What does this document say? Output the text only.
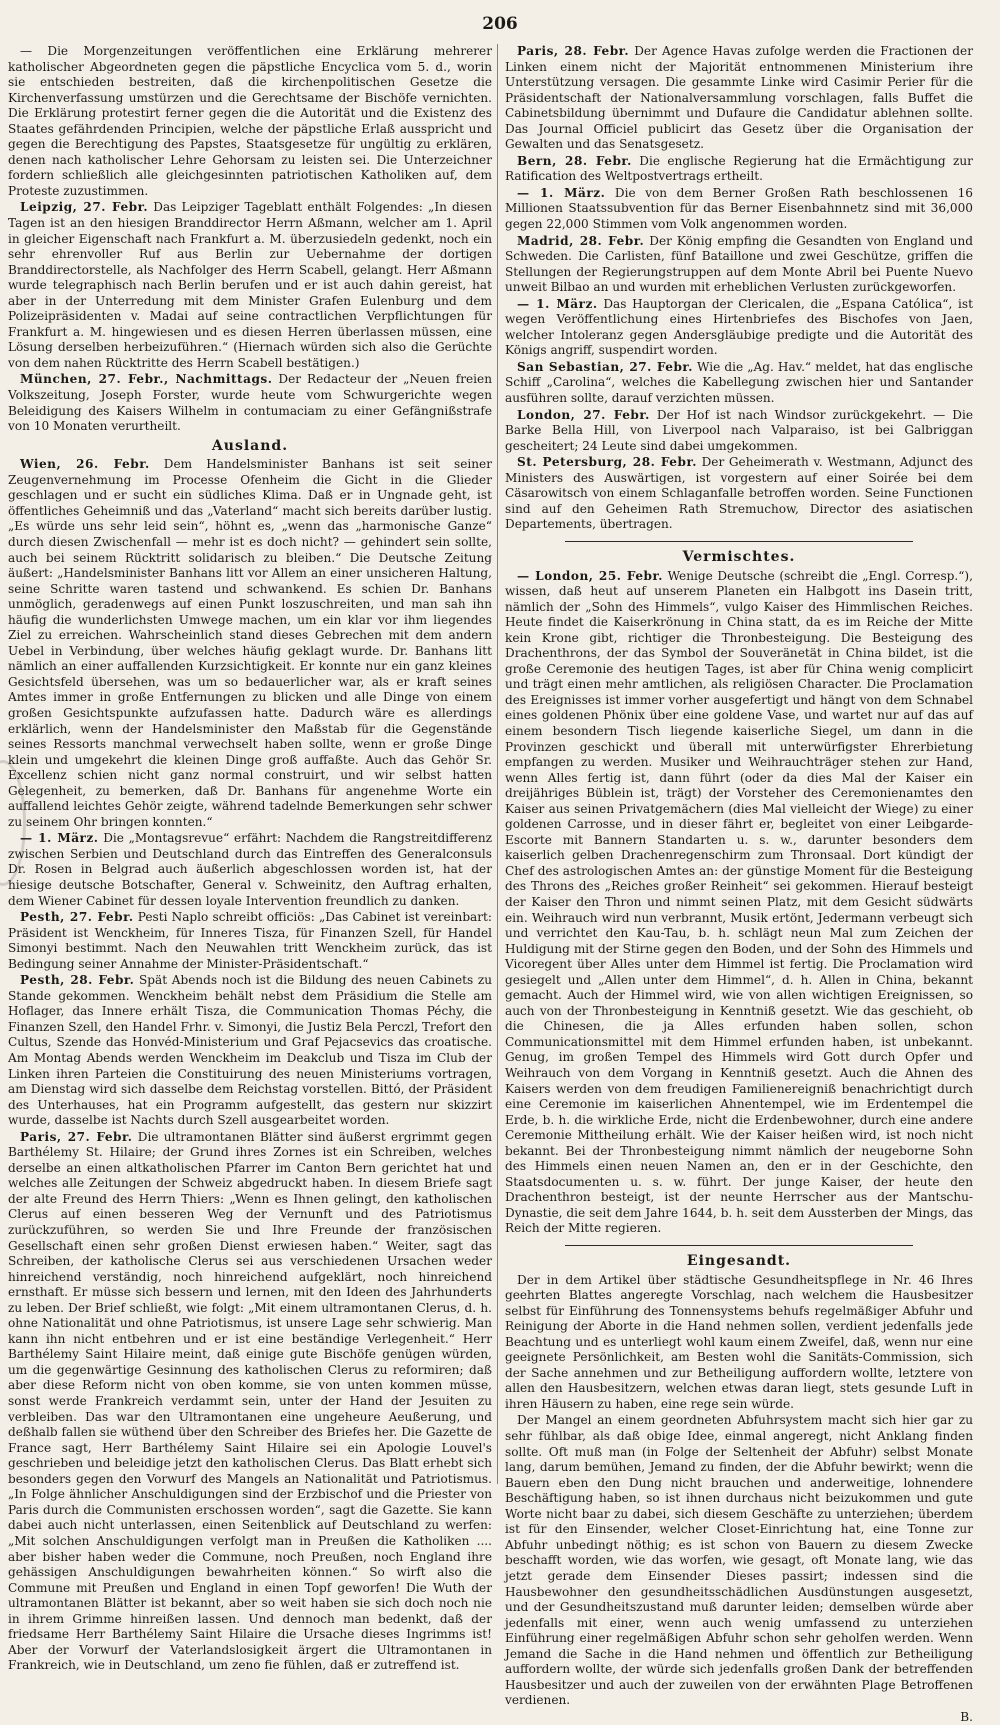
206

— Die Morgenzeitungen veröffentlichen eine Erklärung mehrerer katholischer Abgeordneten gegen die päpstliche Encyclica vom 5. d., worin sie entschieden bestreiten, daß die kirchenpolitischen Gesetze die Kirchenverfassung umstürzen und die Gerechtsame der Bischöfe vernichten. Die Erklärung protestirt ferner gegen die die Autorität und die Existenz des Staates gefährdenden Principien, welche der päpstliche Erlaß ausspricht und gegen die Berechtigung des Papstes, Staatsgesetze für ungültig zu erklären, denen nach katholischer Lehre Gehorsam zu leisten sei. Die Unterzeichner fordern schließlich alle gleichgesinnten patriotischen Katholiken auf, dem Proteste zuzustimmen.

Leipzig, 27. Febr. Das Leipziger Tageblatt enthält Folgendes: „In diesen Tagen ist an den hiesigen Branddirector Herrn Aßmann, welcher am 1. April in gleicher Eigenschaft nach Frankfurt a. M. überzusiedeln gedenkt, noch ein sehr ehrenvoller Ruf aus Berlin zur Uebernahme der dortigen Branddirectorstelle, als Nachfolger des Herrn Scabell, gelangt. Herr Aßmann wurde telegraphisch nach Berlin berufen und er ist auch dahin gereist, hat aber in der Unterredung mit dem Minister Grafen Eulenburg und dem Polizeipräsidenten v. Madai auf seine contractlichen Verpflichtungen für Frankfurt a. M. hingewiesen und es diesen Herren überlassen müssen, eine Lösung derselben herbeizuführen.“ (Hiernach würden sich also die Gerüchte von dem nahen Rücktritte des Herrn Scabell bestätigen.)

München, 27. Febr., Nachmittags. Der Redacteur der „Neuen freien Volkszeitung, Joseph Forster, wurde heute vom Schwurgerichte wegen Beleidigung des Kaisers Wilhelm in contumaciam zu einer Gefängnißstrafe von 10 Monaten verurtheilt.

Ausland.

Wien, 26. Febr. Dem Handelsminister Banhans ist seit seiner Zeugenvernehmung im Processe Ofenheim die Gicht in die Glieder geschlagen und er sucht ein südliches Klima. Daß er in Ungnade geht, ist öffentliches Geheimniß und das „Vaterland“ macht sich bereits darüber lustig. „Es würde uns sehr leid sein“, höhnt es, „wenn das „harmonische Ganze“ durch diesen Zwischenfall — mehr ist es doch nicht? — gehindert sein sollte, auch bei seinem Rücktritt solidarisch zu bleiben.“ Die Deutsche Zeitung äußert: „Handelsminister Banhans litt vor Allem an einer unsicheren Haltung, seine Schritte waren tastend und schwankend. Es schien Dr. Banhans unmöglich, geradenwegs auf einen Punkt loszuschreiten, und man sah ihn häufig die wunderlichsten Umwege machen, um ein klar vor ihm liegendes Ziel zu erreichen. Wahrscheinlich stand dieses Gebrechen mit dem andern Uebel in Verbindung, über welches häufig geklagt wurde. Dr. Banhans litt nämlich an einer auffallenden Kurzsichtigkeit. Er konnte nur ein ganz kleines Gesichtsfeld übersehen, was um so bedauerlicher war, als er kraft seines Amtes immer in große Entfernungen zu blicken und alle Dinge von einem großen Gesichtspunkte aufzufassen hatte. Dadurch wäre es allerdings erklärlich, wenn der Handelsminister den Maßstab für die Gegenstände seines Ressorts manchmal verwechselt haben sollte, wenn er große Dinge klein und umgekehrt die kleinen Dinge groß auffaßte. Auch das Gehör Sr. Excellenz schien nicht ganz normal construirt, und wir selbst hatten Gelegenheit, zu bemerken, daß Dr. Banhans für angenehme Worte ein auffallend leichtes Gehör zeigte, während tadelnde Bemerkungen sehr schwer zu seinem Ohr bringen konnten.“

— 1. März. Die „Montagsrevue“ erfährt: Nachdem die Rangstreitdifferenz zwischen Serbien und Deutschland durch das Eintreffen des Generalconsuls Dr. Rosen in Belgrad auch äußerlich abgeschlossen worden ist, hat der hiesige deutsche Botschafter, General v. Schweinitz, den Auftrag erhalten, dem Wiener Cabinet für dessen loyale Intervention freundlich zu danken.

Pesth, 27. Febr. Pesti Naplo schreibt officiös: „Das Cabinet ist vereinbart: Präsident ist Wenckheim, für Inneres Tisza, für Finanzen Szell, für Handel Simonyi bestimmt. Nach den Neuwahlen tritt Wenckheim zurück, das ist Bedingung seiner Annahme der Minister-Präsidentschaft.“

Pesth, 28. Febr. Spät Abends noch ist die Bildung des neuen Cabinets zu Stande gekommen. Wenckheim behält nebst dem Präsidium die Stelle am Hoflager, das Innere erhält Tisza, die Communication Thomas Péchy, die Finanzen Szell, den Handel Frhr. v. Simonyi, die Justiz Bela Perczl, Trefort den Cultus, Szende das Honvéd-Ministerium und Graf Pejacsevics das croatische. Am Montag Abends werden Wenckheim im Deakclub und Tisza im Club der Linken ihren Parteien die Constituirung des neuen Ministeriums vortragen, am Dienstag wird sich dasselbe dem Reichstag vorstellen. Bittó, der Präsident des Unterhauses, hat ein Programm aufgestellt, das gestern nur skizzirt wurde, dasselbe ist Nachts durch Szell ausgearbeitet worden.

Paris, 27. Febr. Die ultramontanen Blätter sind äußerst ergrimmt gegen Barthélemy St. Hilaire; der Grund ihres Zornes ist ein Schreiben, welches derselbe an einen altkatholischen Pfarrer im Canton Bern gerichtet hat und welches alle Zeitungen der Schweiz abgedruckt haben. In diesem Briefe sagt der alte Freund des Herrn Thiers: „Wenn es Ihnen gelingt, den katholischen Clerus auf einen besseren Weg der Vernunft und des Patriotismus zurückzuführen, so werden Sie und Ihre Freunde der französischen Gesellschaft einen sehr großen Dienst erwiesen haben.“ Weiter, sagt das Schreiben, der katholische Clerus sei aus verschiedenen Ursachen weder hinreichend verständig, noch hinreichend aufgeklärt, noch hinreichend ernsthaft. Er müsse sich bessern und lernen, mit den Ideen des Jahrhunderts zu leben. Der Brief schließt, wie folgt: „Mit einem ultramontanen Clerus, d. h. ohne Nationalität und ohne Patriotismus, ist unsere Lage sehr schwierig. Man kann ihn nicht entbehren und er ist eine beständige Verlegenheit.“ Herr Barthélemy Saint Hilaire meint, daß einige gute Bischöfe genügen würden, um die gegenwärtige Gesinnung des katholischen Clerus zu reformiren; daß aber diese Reform nicht von oben komme, sie von unten kommen müsse, sonst werde Frankreich verdammt sein, unter der Hand der Jesuiten zu verbleiben. Das war den Ultramontanen eine ungeheure Aeußerung, und deßhalb fallen sie wüthend über den Schreiber des Briefes her. Die Gazette de France sagt, Herr Barthélemy Saint Hilaire sei ein Apologie Louvel's geschrieben und beleidige jetzt den katholischen Clerus. Das Blatt erhebt sich besonders gegen den Vorwurf des Mangels an Nationalität und Patriotismus. „In Folge ähnlicher Anschuldigungen sind der Erzbischof und die Priester von Paris durch die Communisten erschossen worden“, sagt die Gazette. Sie kann dabei auch nicht unterlassen, einen Seitenblick auf Deutschland zu werfen: „Mit solchen Anschuldigungen verfolgt man in Preußen die Katholiken .... aber bisher haben weder die Commune, noch Preußen, noch England ihre gehässigen Anschuldigungen bewahrheiten können.“ So wirft also die Commune mit Preußen und England in einen Topf geworfen! Die Wuth der ultramontanen Blätter ist bekannt, aber so weit haben sie sich doch noch nie in ihrem Grimme hinreißen lassen. Und dennoch man bedenkt, daß der friedsame Herr Barthélemy Saint Hilaire die Ursache dieses Ingrimms ist! Aber der Vorwurf der Vaterlandslosigkeit ärgert die Ultramontanen in Frankreich, wie in Deutschland, um zeno fie fühlen, daß er zutreffend ist.

Paris, 28. Febr. Der Agence Havas zufolge werden die Fractionen der Linken einem nicht der Majorität entnommenen Ministerium ihre Unterstützung versagen. Die gesammte Linke wird Casimir Perier für die Präsidentschaft der Nationalversammlung vorschlagen, falls Buffet die Cabinetsbildung übernimmt und Dufaure die Candidatur ablehnen sollte. Das Journal Officiel publicirt das Gesetz über die Organisation der Gewalten und das Senatsgesetz.

Bern, 28. Febr. Die englische Regierung hat die Ermächtigung zur Ratification des Weltpostvertrags ertheilt.

— 1. März. Die von dem Berner Großen Rath beschlossenen 16 Millionen Staatssubvention für das Berner Eisenbahnnetz sind mit 36,000 gegen 22,000 Stimmen vom Volk angenommen worden.

Madrid, 28. Febr. Der König empfing die Gesandten von England und Schweden. Die Carlisten, fünf Bataillone und zwei Geschütze, griffen die Stellungen der Regierungstruppen auf dem Monte Abril bei Puente Nuevo unweit Bilbao an und wurden mit erheblichen Verlusten zurückgeworfen.

— 1. März. Das Hauptorgan der Clericalen, die „Espana Católica“, ist wegen Veröffentlichung eines Hirtenbriefes des Bischofes von Jaen, welcher Intoleranz gegen Andersgläubige predigte und die Autorität des Königs angriff, suspendirt worden.

San Sebastian, 27. Febr. Wie die „Ag. Hav.“ meldet, hat das englische Schiff „Carolina“, welches die Kabellegung zwischen hier und Santander ausführen sollte, darauf verzichten müssen.

London, 27. Febr. Der Hof ist nach Windsor zurückgekehrt. — Die Barke Bella Hill, von Liverpool nach Valparaiso, ist bei Galbriggan gescheitert; 24 Leute sind dabei umgekommen.

St. Petersburg, 28. Febr. Der Geheimerath v. Westmann, Adjunct des Ministers des Auswärtigen, ist vorgestern auf einer Soirée bei dem Cäsarowitsch von einem Schlaganfalle betroffen worden. Seine Functionen sind auf den Geheimen Rath Stremuchow, Director des asiatischen Departements, übertragen.

Vermischtes.

— London, 25. Febr. Wenige Deutsche (schreibt die „Engl. Corresp.“), wissen, daß heut auf unserem Planeten ein Halbgott ins Dasein tritt, nämlich der „Sohn des Himmels“, vulgo Kaiser des Himmlischen Reiches. Heute findet die Kaiserkrönung in China statt, da es im Reiche der Mitte kein Krone gibt, richtiger die Thronbesteigung. Die Besteigung des Drachenthrons, der das Symbol der Souveränetät in China bildet, ist die große Ceremonie des heutigen Tages, ist aber für China wenig complicirt und trägt einen mehr amtlichen, als religiösen Character. Die Proclamation des Ereignisses ist immer vorher ausgefertigt und hängt von dem Schnabel eines goldenen Phönix über eine goldene Vase, und wartet nur auf das auf einem besondern Tisch liegende kaiserliche Siegel, um dann in die Provinzen geschickt und überall mit unterwürfigster Ehrerbietung empfangen zu werden. Musiker und Weihrauchträger stehen zur Hand, wenn Alles fertig ist, dann führt (oder da dies Mal der Kaiser ein dreijähriges Büblein ist, trägt) der Vorsteher des Ceremonienamtes den Kaiser aus seinen Privatgemächern (dies Mal vielleicht der Wiege) zu einer goldenen Carrosse, und in dieser fährt er, begleitet von einer Leibgarde-Escorte mit Bannern Standarten u. s. w., darunter besonders dem kaiserlich gelben Drachenregenschirm zum Thronsaal. Dort kündigt der Chef des astrologischen Amtes an: der günstige Moment für die Besteigung des Throns des „Reiches großer Reinheit“ sei gekommen. Hierauf besteigt der Kaiser den Thron und nimmt seinen Platz, mit dem Gesicht südwärts ein. Weihrauch wird nun verbrannt, Musik ertönt, Jedermann verbeugt sich und verrichtet den Kau-Tau, b. h. schlägt neun Mal zum Zeichen der Huldigung mit der Stirne gegen den Boden, und der Sohn des Himmels und Vicoregent über Alles unter dem Himmel ist fertig. Die Proclamation wird gesiegelt und „Allen unter dem Himmel“, d. h. Allen in China, bekannt gemacht. Auch der Himmel wird, wie von allen wichtigen Ereignissen, so auch von der Thronbesteigung in Kenntniß gesetzt. Wie das geschieht, ob die Chinesen, die ja Alles erfunden haben sollen, schon Communicationsmittel mit dem Himmel erfunden haben, ist unbekannt. Genug, im großen Tempel des Himmels wird Gott durch Opfer und Weihrauch von dem Vorgang in Kenntniß gesetzt. Auch die Ahnen des Kaisers werden von dem freudigen Familienereigniß benachrichtigt durch eine Ceremonie im kaiserlichen Ahnentempel, wie im Erdentempel die Erde, b. h. die wirkliche Erde, nicht die Erdenbewohner, durch eine andere Ceremonie Mittheilung erhält. Wie der Kaiser heißen wird, ist noch nicht bekannt. Bei der Thronbesteigung nimmt nämlich der neugeborne Sohn des Himmels einen neuen Namen an, den er in der Geschichte, den Staatsdocumenten u. s. w. führt. Der junge Kaiser, der heute den Drachenthron besteigt, ist der neunte Herrscher aus der Mantschu-Dynastie, die seit dem Jahre 1644, b. h. seit dem Aussterben der Mings, das Reich der Mitte regieren.

Eingesandt.

Der in dem Artikel über städtische Gesundheitspflege in Nr. 46 Ihres geehrten Blattes angeregte Vorschlag, nach welchem die Hausbesitzer selbst für Einführung des Tonnensystems behufs regelmäßiger Abfuhr und Reinigung der Aborte in die Hand nehmen sollen, verdient jedenfalls jede Beachtung und es unterliegt wohl kaum einem Zweifel, daß, wenn nur eine geeignete Persönlichkeit, am Besten wohl die Sanitäts-Commission, sich der Sache annehmen und zur Betheiligung auffordern wollte, letztere von allen den Hausbesitzern, welchen etwas daran liegt, stets gesunde Luft in ihren Häusern zu haben, eine rege sein würde.

Der Mangel an einem geordneten Abfuhrsystem macht sich hier gar zu sehr fühlbar, als daß obige Idee, einmal angeregt, nicht Anklang finden sollte. Oft muß man (in Folge der Seltenheit der Abfuhr) selbst Monate lang, darum bemühen, Jemand zu finden, der die Abfuhr bewirkt; wenn die Bauern eben den Dung nicht brauchen und anderweitige, lohnendere Beschäftigung haben, so ist ihnen durchaus nicht beizukommen und gute Worte nicht baar zu dabei, sich diesem Geschäfte zu unterziehen; überdem ist für den Einsender, welcher Closet-Einrichtung hat, eine Tonne zur Abfuhr unbedingt nöthig; es ist schon von Bauern zu diesem Zwecke beschafft worden, wie das worfen, wie gesagt, oft Monate lang, wie das jetzt gerade dem Einsender Dieses passirt; indessen sind die Hausbewohner den gesundheitsschädlichen Ausdünstungen ausgesetzt, und der Gesundheitszustand muß darunter leiden; demselben würde aber jedenfalls mit einer, wenn auch wenig umfassend zu unterziehen Einführung einer regelmäßigen Abfuhr schon sehr geholfen werden. Wenn Jemand die Sache in die Hand nehmen und öffentlich zur Betheiligung auffordern wollte, der würde sich jedenfalls großen Dank der betreffenden Hausbesitzer und auch der zuweilen von der erwähnten Plage Betroffenen verdienen.

B.
